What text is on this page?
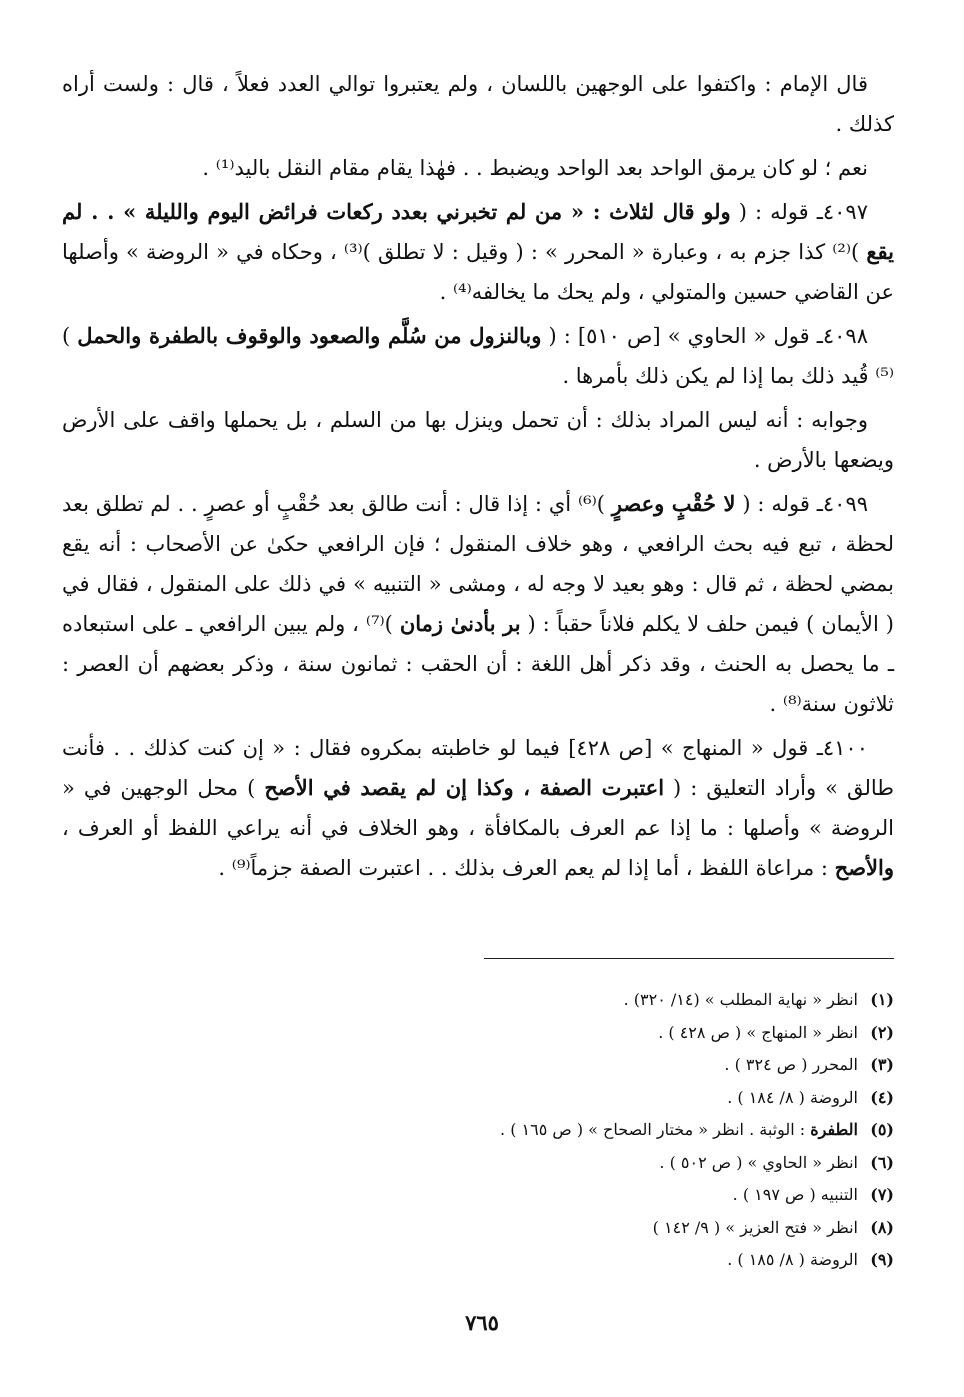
قال الإمام : واكتفوا على الوجهين باللسان ، ولم يعتبروا توالي العدد فعلاً ، قال : ولست أراه كذلك .

نعم ؛ لو كان يرمق الواحد بعد الواحد ويضبط . . فهٰذا يقام مقام النقل باليد⁽¹⁾ .

٤٠٩٧ـ قوله : ( ولو قال لثلاث : « من لم تخبرني بعدد ركعات فرائض اليوم والليلة » . . لم يقع )⁽²⁾ كذا جزم به ، وعبارة « المحرر » : ( وقيل : لا تطلق )⁽³⁾ ، وحكاه في « الروضة » وأصلها عن القاضي حسين والمتولي ، ولم يحك ما يخالفه⁽⁴⁾ .

٤٠٩٨ـ قول « الحاوي » [ص ٥١٠] : ( وبالنزول من سُلَّم والصعود والوقوف بالطفرة والحمل )⁽⁵⁾ قُيد ذلك بما إذا لم يكن ذلك بأمرها .

وجوابه : أنه ليس المراد بذلك : أن تحمل وينزل بها من السلم ، بل يحملها واقف على الأرض ويضعها بالأرض .

٤٠٩٩ـ قوله : ( لا حُقْبٍ وعصرٍ )⁽⁶⁾ أي : إذا قال : أنت طالق بعد حُقْبٍ أو عصرٍ . . لم تطلق بعد لحظة ، تبع فيه بحث الرافعي ، وهو خلاف المنقول ؛ فإن الرافعي حكىٰ عن الأصحاب : أنه يقع بمضي لحظة ، ثم قال : وهو بعيد لا وجه له ، ومشى « التنبيه » في ذلك على المنقول ، فقال في ( الأيمان ) فيمن حلف لا يكلم فلاناً حقباً : ( بر بأدنىٰ زمان )⁽⁷⁾ ، ولم يبين الرافعي ـ على استبعاده ـ ما يحصل به الحنث ، وقد ذكر أهل اللغة : أن الحقب : ثمانون سنة ، وذكر بعضهم أن العصر : ثلاثون سنة⁽⁸⁾ .

٤١٠٠ـ قول « المنهاج » [ص ٤٢٨] فيما لو خاطبته بمكروه فقال : « إن كنت كذلك . . فأنت طالق » وأراد التعليق : ( اعتبرت الصفة ، وكذا إن لم يقصد في الأصح ) محل الوجهين في « الروضة » وأصلها : ما إذا عم العرف بالمكافأة ، وهو الخلاف في أنه يراعي اللفظ أو العرف ، والأصح : مراعاة اللفظ ، أما إذا لم يعم العرف بذلك . . اعتبرت الصفة جزماً⁽⁹⁾ .

(١)انظر « نهاية المطلب » (١٤/ ٣٢٠) .
(٢)انظر « المنهاج » ( ص ٤٢٨ ) .
(٣)المحرر ( ص ٣٢٤ ) .
(٤)الروضة ( ٨/ ١٨٤ ) .
(٥)الطفرة : الوثبة . انظر « مختار الصحاح » ( ص ١٦٥ ) .
(٦)انظر « الحاوي » ( ص ٥٠٢ ) .
(٧)التنبيه ( ص ١٩٧ ) .
(٨)انظر « فتح العزيز » ( ٩/ ١٤٢ )
(٩)الروضة ( ٨/ ١٨٥ ) .
٧٦٥
